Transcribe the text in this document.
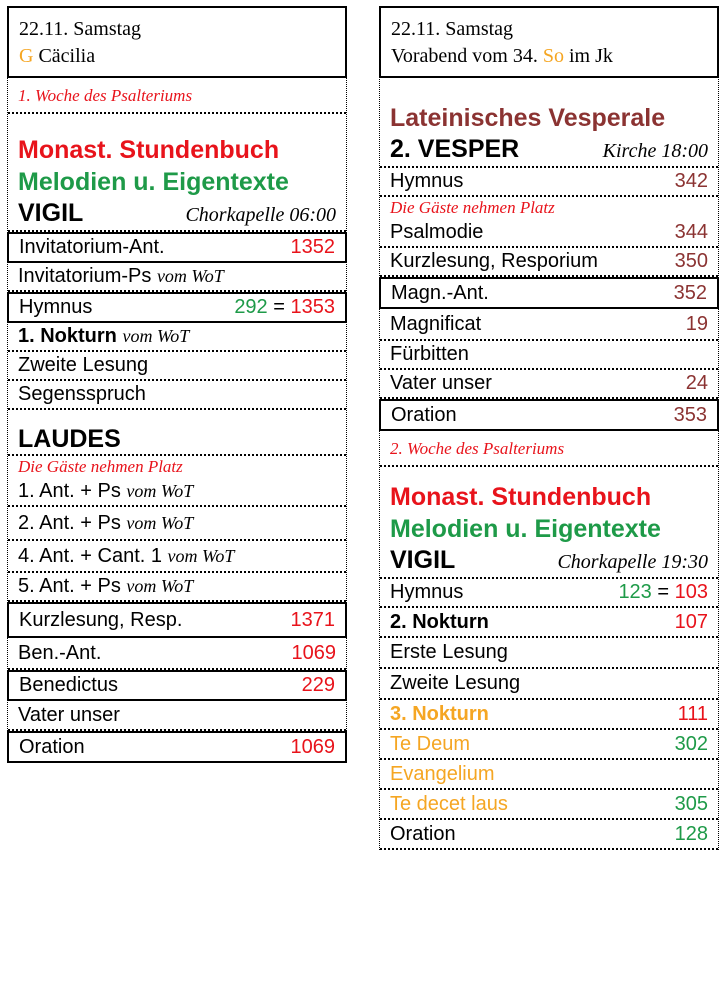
22.11. Samstag
G Cäcilia
1. Woche des Psalteriums
Monast. Stundenbuch
Melodien u. Eigentexte
VIGIL	Chorkapelle 06:00
Invitatorium-Ant.	1352
Invitatorium-Ps vom WoT
Hymnus	292 = 1353
1. Nokturn vom WoT
Zweite Lesung
Segensspruch
LAUDES
Die Gäste nehmen Platz
1. Ant. + Ps vom WoT
2. Ant. + Ps vom WoT
4. Ant. + Cant. 1 vom WoT
5. Ant. + Ps vom WoT
Kurzlesung, Resp.	1371
Ben.-Ant.	1069
Benedictus	229
Vater unser
Oration	1069
22.11. Samstag
Vorabend vom 34. So im Jk
Lateinisches Vesperale
2. VESPER	Kirche 18:00
Hymnus	342
Die Gäste nehmen Platz
Psalmodie	344
Kurzlesung, Resporium	350
Magn.-Ant.	352
Magnificat	19
Fürbitten
Vater unser	24
Oration	353
2. Woche des Psalteriums
Monast. Stundenbuch
Melodien u. Eigentexte
VIGIL	Chorkapelle 19:30
Hymnus	123 = 103
2. Nokturn	107
Erste Lesung
Zweite Lesung
3. Nokturn	111
Te Deum	302
Evangelium
Te decet laus	305
Oration	128
